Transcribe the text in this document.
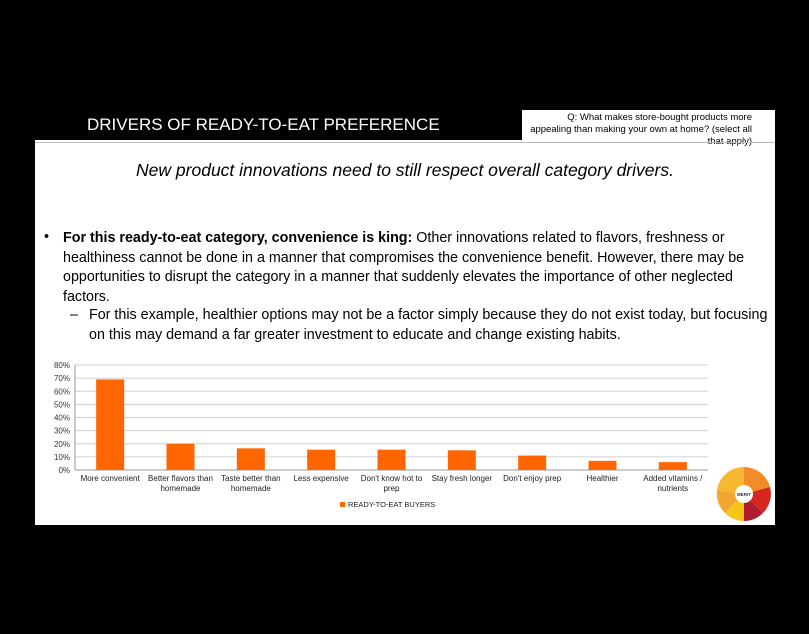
DRIVERS OF READY-TO-EAT PREFERENCE	Q: What makes store-bought products more appealing than making your own at home? (select all
New product innovations need to still respect overall category drivers.
• For this ready-to-eat category, convenience is king: Other innovations related to flavors, freshness or healthiness cannot be done in a manner that compromises the convenience benefit. However, there may be opportunities to disrupt the category in a manner that suddenly elevates the importance of other neglected factors.
– For this example, healthier options may not be a factor simply because they do not exist today, but focusing on this may demand a far greater investment to educate and change existing habits.
0%
10%
20%
30%
40%
50%
60%
70%
80%
More convenient Better flavors than homemade
Taste better than homemade
Less expensive Don't know hot to prep
Stay fresh longer Don't enjoy prep	Healthier	Added vitamins / nutrients
READY-TO-EAT BUYERS
MERIT
